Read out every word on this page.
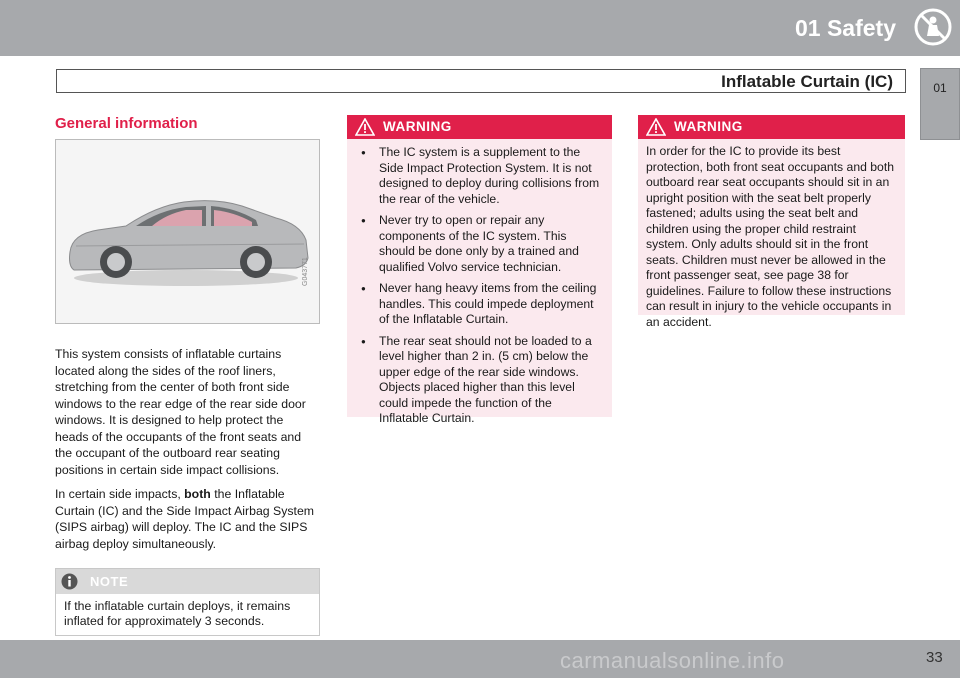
01 Safety
01
Inflatable Curtain (IC)
General information
G043771

This system consists of inflatable curtains located along the sides of the roof liners, stretching from the center of both front side windows to the rear edge of the rear side door windows. It is designed to help protect the heads of the occupants of the front seats and the occupant of the outboard rear seating positions in certain side impact collisions.

In certain side impacts, both the Inflatable Curtain (IC) and the Side Impact Airbag System (SIPS airbag) will deploy. The IC and the SIPS airbag deploy simultaneously.

NOTE
If the inflatable curtain deploys, it remains inflated for approximately 3 seconds.
WARNING
● The IC system is a supplement to the Side Impact Protection System. It is not designed to deploy during collisions from the rear of the vehicle.
● Never try to open or repair any components of the IC system. This should be done only by a trained and qualified Volvo service technician.
● Never hang heavy items from the ceiling handles. This could impede deployment of the Inflatable Curtain.
● The rear seat should not be loaded to a level higher than 2 in. (5 cm) below the upper edge of the rear side windows. Objects placed higher than this level could impede the function of the Inflatable Curtain.
WARNING
In order for the IC to provide its best protection, both front seat occupants and both outboard rear seat occupants should sit in an upright position with the seat belt properly fastened; adults using the seat belt and children using the proper child restraint system. Only adults should sit in the front seats. Children must never be allowed in the front passenger seat, see page 38 for guidelines. Failure to follow these instructions can result in injury to the vehicle occupants in an accident.
33
carmanualsonline.info
